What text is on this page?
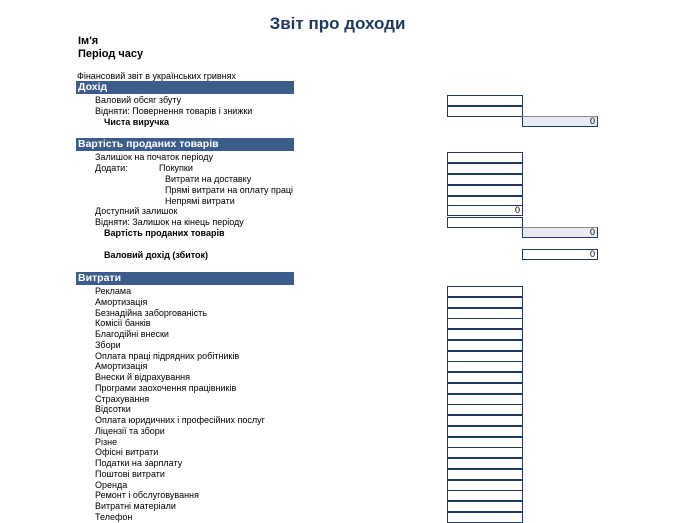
Звіт про доходи
Ім'я
Період часу
Фінансовий звіт в українських гривнях
Дохід
Валовий обсяг збуту
Відняти: Повернення товарів і знижки
Чиста виручка	0
Вартість проданих товарів
Залишок на початок періоду
Додати:	Покупки
Витрати на доставку
Прямі витрати на оплату праці
Непрямі витрати
Доступний залишок	0
Відняти: Залишок на кінець періоду
Вартість проданих товарів	0
Валовий дохід (збиток)	0
Витрати
Реклама
Амортизація
Безнадійна заборгованість
Комісії банків
Благодійні внески
Збори
Оплата праці підрядних робітників
Амортизація
Внески й відрахування
Програми заохочення працівників
Страхування
Відсотки
Оплата юридичних і професійних послуг
Ліцензії та збори
Різне
Офісні витрати
Податки на зарплату
Поштові витрати
Оренда
Ремонт і обслуговування
Витратні матеріали
Телефон
